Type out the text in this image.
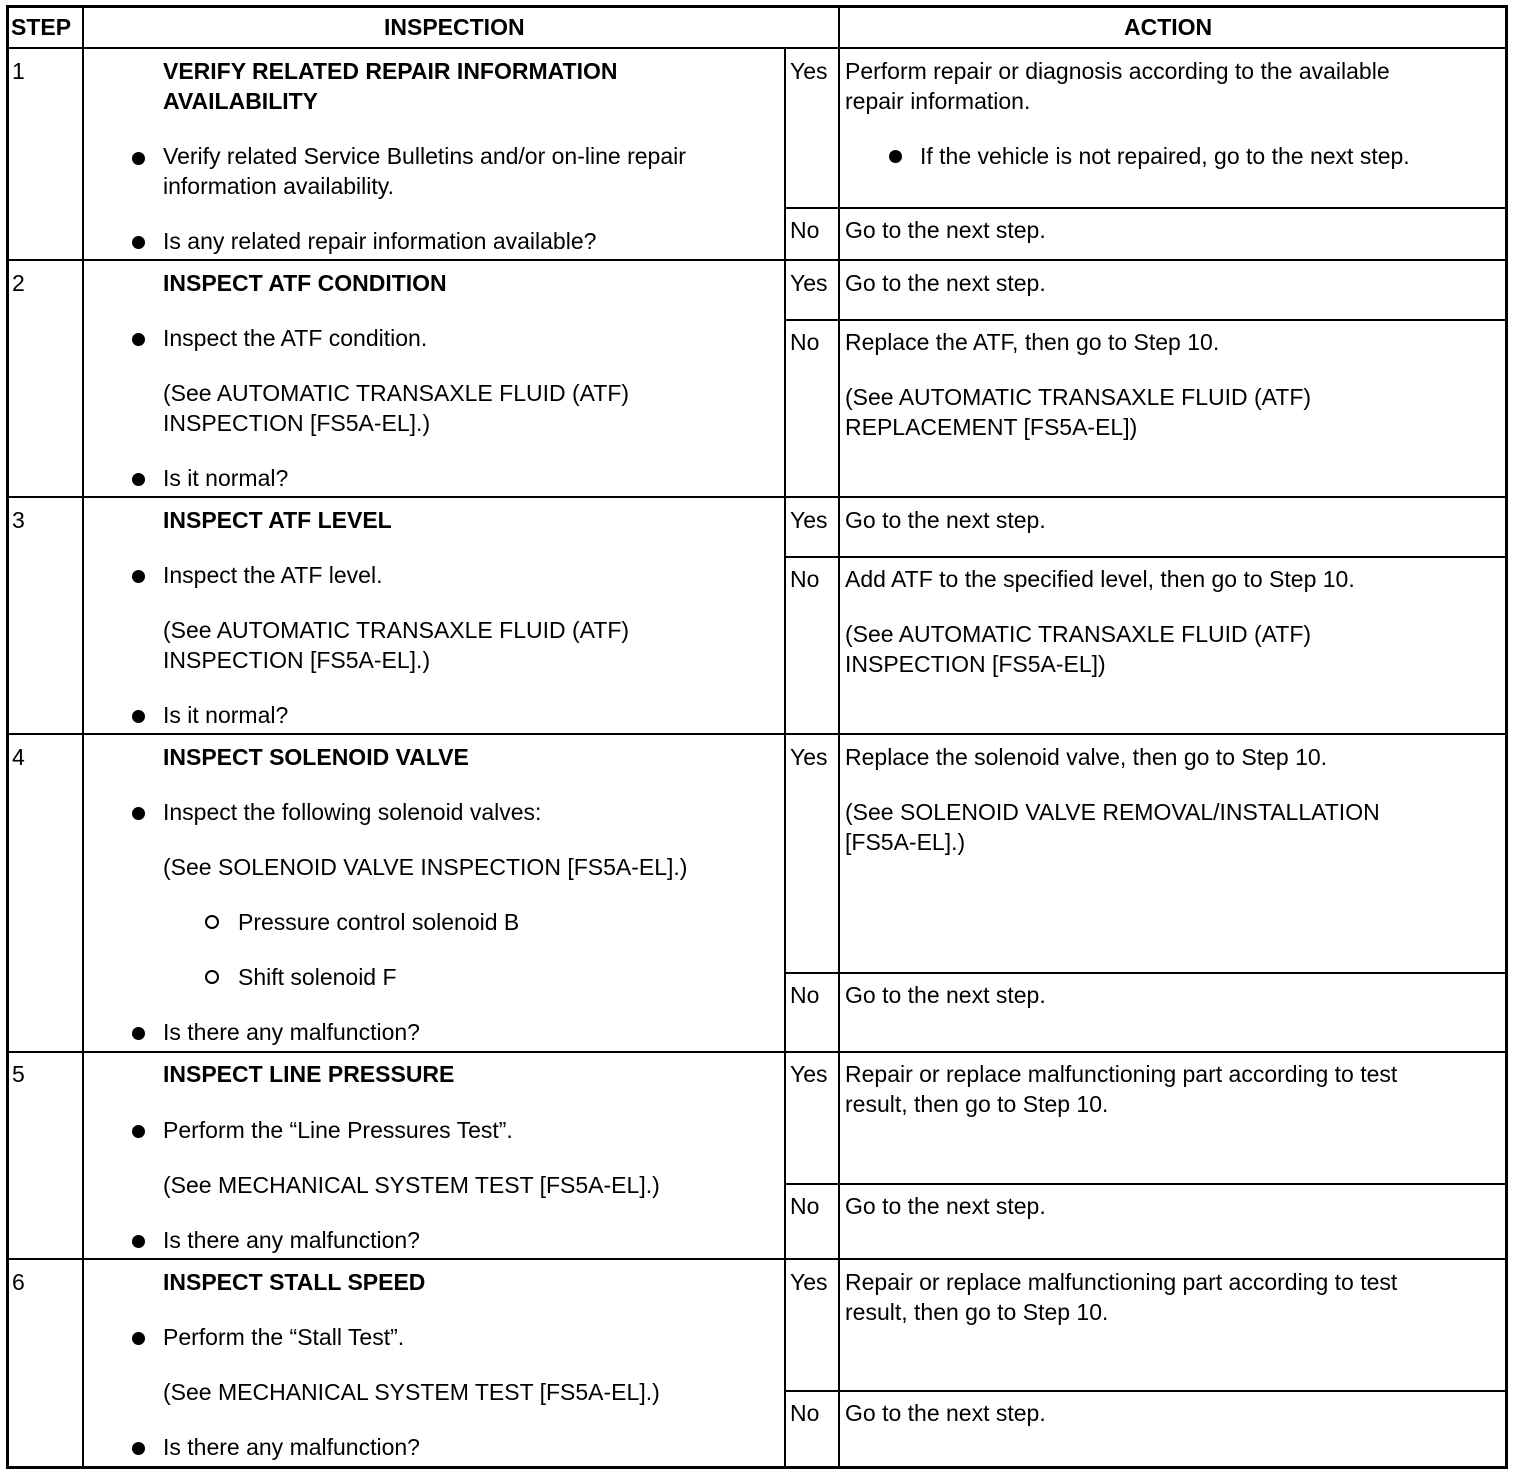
STEP	INSPECTION	ACTION
1	VERIFY RELATED REPAIR INFORMATION
AVAILABILITY
Verify related Service Bulletins and/or on-line repair
information availability.
Is any related repair information available?
Yes Perform repair or diagnosis according to the available
repair information.
If the vehicle is not repaired, go to the next step.
No Go to the next step.
2	INSPECT ATF CONDITION
Inspect the ATF condition.
(See AUTOMATIC TRANSAXLE FLUID (ATF)
INSPECTION [FS5A-EL].)
Is it normal?
Yes Go to the next step.
No Replace the ATF, then go to Step 10.
(See AUTOMATIC TRANSAXLE FLUID (ATF)
REPLACEMENT [FS5A-EL])
3	INSPECT ATF LEVEL
Inspect the ATF level.
(See AUTOMATIC TRANSAXLE FLUID (ATF)
INSPECTION [FS5A-EL].)
Is it normal?
Yes Go to the next step.
No Add ATF to the specified level, then go to Step 10.
(See AUTOMATIC TRANSAXLE FLUID (ATF)
INSPECTION [FS5A-EL])
4	INSPECT SOLENOID VALVE
Inspect the following solenoid valves:
(See SOLENOID VALVE INSPECTION [FS5A-EL].)
Pressure control solenoid B
Shift solenoid F
Is there any malfunction?
Yes Replace the solenoid valve, then go to Step 10.
(See SOLENOID VALVE REMOVAL/INSTALLATION
[FS5A-EL].)
No Go to the next step.
5	INSPECT LINE PRESSURE
Perform the “Line Pressures Test”.
(See MECHANICAL SYSTEM TEST [FS5A-EL].)
Is there any malfunction?
Yes Repair or replace malfunctioning part according to test
result, then go to Step 10.
No Go to the next step.
6	INSPECT STALL SPEED
Perform the “Stall Test”.
(See MECHANICAL SYSTEM TEST [FS5A-EL].)
Is there any malfunction?
Yes Repair or replace malfunctioning part according to test
result, then go to Step 10.
No Go to the next step.
